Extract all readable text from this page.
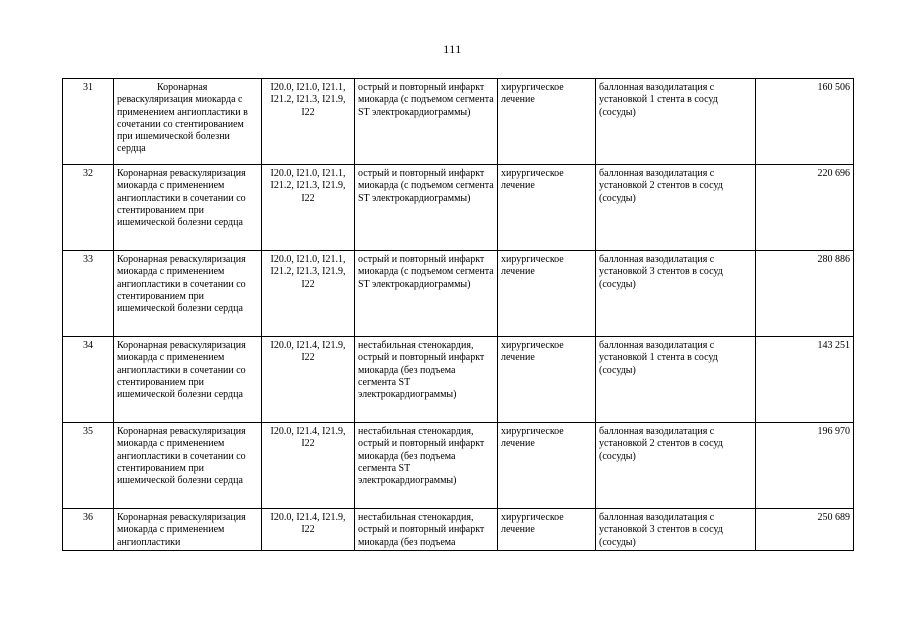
111
31	Коронарная реваскуляризация миокарда с применением ангиопластики в сочетании со стентированием при ишемической болезни сердца	I20.0, I21.0, I21.1, I21.2, I21.3, I21.9, I22	острый и повторный инфаркт миокарда (с подъемом сегмента ST электрокардиограммы)	хирургическое лечение	баллонная вазодилатация с установкой 1 стента в сосуд (сосуды)	160 506
32	Коронарная реваскуляризация миокарда с применением ангиопластики в сочетании со стентированием при ишемической болезни сердца	I20.0, I21.0, I21.1, I21.2, I21.3, I21.9, I22	острый и повторный инфаркт миокарда (с подъемом сегмента ST электрокардиограммы)	хирургическое лечение	баллонная вазодилатация с установкой 2 стентов в сосуд (сосуды)	220 696
33	Коронарная реваскуляризация миокарда с применением ангиопластики в сочетании со стентированием при ишемической болезни сердца	I20.0, I21.0, I21.1, I21.2, I21.3, I21.9, I22	острый и повторный инфаркт миокарда (с подъемом сегмента ST электрокардиограммы)	хирургическое лечение	баллонная вазодилатация с установкой 3 стентов в сосуд (сосуды)	280 886
34	Коронарная реваскуляризация миокарда с применением ангиопластики в сочетании со стентированием при ишемической болезни сердца	I20.0, I21.4, I21.9, I22	нестабильная стенокардия, острый и повторный инфаркт миокарда (без подъема сегмента ST электрокардиограммы)	хирургическое лечение	баллонная вазодилатация с установкой 1 стента в сосуд (сосуды)	143 251
35	Коронарная реваскуляризация миокарда с применением ангиопластики в сочетании со стентированием при ишемической болезни сердца	I20.0, I21.4, I21.9, I22	нестабильная стенокардия, острый и повторный инфаркт миокарда (без подъема сегмента ST электрокардиограммы)	хирургическое лечение	баллонная вазодилатация с установкой 2 стентов в сосуд (сосуды)	196 970
36	Коронарная реваскуляризация миокарда с применением ангиопластики	I20.0, I21.4, I21.9, I22	нестабильная стенокардия, острый и повторный инфаркт миокарда (без подъема	хирургическое лечение	баллонная вазодилатация с установкой 3 стентов в сосуд (сосуды)	250 689
